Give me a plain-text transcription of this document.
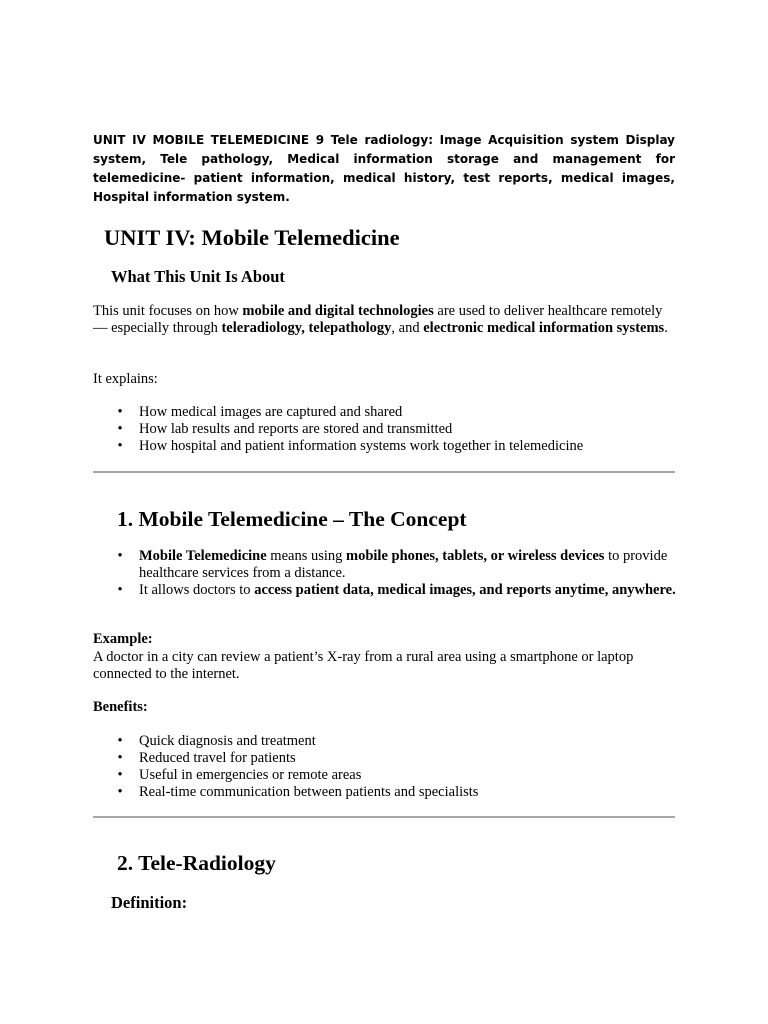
UNIT IV MOBILE TELEMEDICINE 9 Tele radiology: Image Acquisition system Display system, Tele pathology, Medical information storage and management for telemedicine- patient information, medical history, test reports, medical images, Hospital information system.

UNIT IV: Mobile Telemedicine
What This Unit Is About

This unit focuses on how mobile and digital technologies are used to deliver healthcare remotely — especially through teleradiology, telepathology, and electronic medical information systems.

It explains:

• How medical images are captured and shared
• How lab results and reports are stored and transmitted
• How hospital and patient information systems work together in telemedicine
1. Mobile Telemedicine – The Concept
• Mobile Telemedicine means using mobile phones, tablets, or wireless devices to provide healthcare services from a distance.
• It allows doctors to access patient data, medical images, and reports anytime, anywhere.

Example:

A doctor in a city can review a patient’s X-ray from a rural area using a smartphone or laptop connected to the internet.

Benefits:

• Quick diagnosis and treatment
• Reduced travel for patients
• Useful in emergencies or remote areas
• Real-time communication between patients and specialists
2. Tele-Radiology
Definition:
